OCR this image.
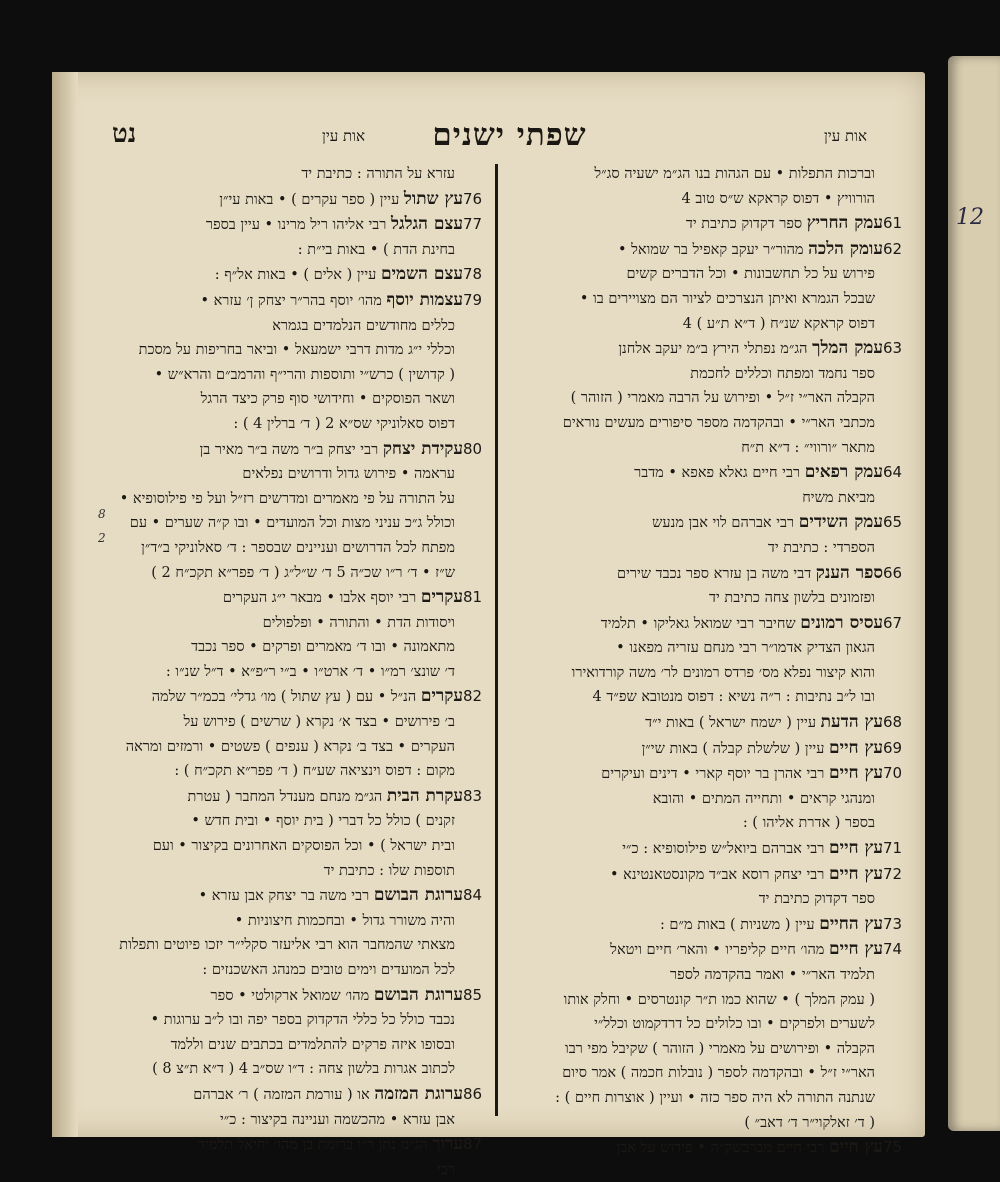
12
נט	אות עין שפתי ישנים	אות עין
וברכות התפלות • עם הגהות בנו הג״מ ישעיה סג״ל
הורוויץ • דפוס קראקא ש״ס טוב 4
61עמק החריץ ספר דקדוק כתיבת יד
62עומק הלכה מהור״ר יעקב קאפיל בר שמואל •
פירוש על כל תחשבונות • וכל הדברים קשים
שבכל הגמרא ואיתן הנצרכים לציור הם מצויירים בו •
דפוס קראקא שנ״ח ( ד״א ת״ע ) 4
63עמק המלך הג״מ נפתלי הירץ ב״מ יעקב אלחנן
ספר נחמד ומפתח וכללים לחכמת
הקבלה האר״י ז״ל • ופירוש על הרבה מאמרי ( הזוהר )
מכתבי האר״י • ובהקדמה מספר סיפורים מעשים נוראים
מתאר ״ורווי״ : ד״א ת״ח
64עמק רפאים רבי חיים גאלא פאפא • מדבר
מביאת משיח
65עמק השידים רבי אברהם לוי אבן מנעש
הספרדי : כתיבת יד
66ספר הענק דבי משה בן עזרא ספר נכבד שירים
ופזמונים בלשון צחה כתיבת יד
67עסיס רמונים שחיבר רבי שמואל גאליקו • תלמיד
הגאון הצדיק אדמו״ר רבי מנחם עזריה מפאנו •
והוא קיצור נפלא מס׳ פרדס רמונים לר׳ משה קורדואירו
ובו ל״ב נתיבות : ר״ה נשיא : דפוס מנטובא שפ״ד 4
68עץ הדעת עיין ( ישמח ישראל ) באות י״ד
69עץ חיים עיין ( שלשלת קבלה ) באות שי״ן
70עץ חיים רבי אהרן בר יוסף קארי • דינים ועיקרים
ומנהגי קראים • ותחייה המתים • והובא
בספר ( אדרת אליהו ) :
71עץ חיים רבי אברהם ביואל״ש פילוסופיא : כ״י
72עץ חיים רבי יצחק רוסא אב״ד מקונסטאנטינא •
ספר דקדוק כתיבת יד
73עץ החיים עיין ( משניות ) באות מ״ם :
74עץ חיים מהו׳ חיים קליפריו • והאר׳ חיים ויטאל
תלמיד האר״י • ואמר בהקדמה לספר
( עמק המלך ) • שהוא כמו ת״ר קונטרסים • וחלק אותו
לשערים ולפרקים • ובו כלולים כל דרדקמוט וכלל״י
הקבלה • ופירושים על מאמרי ( הזוהר ) שקיבל מפי רבו
האר״י ז״ל • ובהקדמה לספר ( נובלות חכמה ) אמר סיום
שנתנה התורה לא היה ספר כזה • ועיין ( אוצרות חיים ) :
( ד׳ זאלקוי״ר ד׳ דאב״ )
75עץ חיים רבי חיים מברבשק״ה • פירוש על אבן
עזרא על התורה : כתיבת יד
76עץ שתול עיין ( ספר עקרים ) • באות עי״ן
77עצם הגלגל רבי אליהו ריל מרינו • עיין בספר
בחינת הדת ) • באות בי״ת :
78עצם השמים עיין ( אלים ) • באות אל״ף :
79עצמות יוסף מהו׳ יוסף בהר״ר יצחק ן׳ עזרא •
כללים מחודשים הנלמדים בגמרא
וכללי י״ג מדות דרבי ישמעאל • וביאר בחריפות על מסכת
( קדושין ) כרש״י ותוספות והרי״ף והרמב״ם והרא״ש •
ושאר הפוסקים • וחידושי סוף פרק כיצד הרגל
דפוס סאלוניקי שס״א 2 ( ד׳ ברלין 4 ) :
80עקידת יצחק רבי יצחק ב״ר משה ב״ר מאיר בן
עראמה • פירוש גדול ודרושים נפלאים
על התורה על פי מאמרים ומדרשים רז״ל ועל פי פילוסופיא •
וכולל ג״כ עניני מצות וכל המועדים • ובו ק״ה שערים • עם
מפתח לכל הדרושים ועניינים שבספר : ד׳ סאלוניקי ב״ד״ן
ש״ז • ד׳ ר״ו שכ״ה 5 ד׳ ש״ל״ג ( ד׳ פפר״א תקכ״ח 2 )
81עקרים רבי יוסף אלבו • מבאר י״ג העקרים
ויסודות הדת • והתורה • ופלפולים
מתאמונה • ובו ד׳ מאמרים ופרקים • ספר נכבד
ד׳ שונצ׳ רמ״ו • ד׳ ארט״ו • ב״י ר״פ״א • ד״ל שנ״ו :
82עקרים הנ״ל • עם ( עץ שתול ) מו׳ גדלי׳ בכמ״ר שלמה
ב׳ פירושים • בצד א׳ נקרא ( שרשים ) פירוש על
העקרים • בצד ב׳ נקרא ( ענפים ) פשטים • ורמזים ומראה
מקום : דפוס וינציאה שע״ח ( ד׳ פפר״א תקכ״ח ) :
83עקרת הבית הג״מ מנחם מענדל המחבר ( עטרת
זקנים ) כולל כל דברי ( בית יוסף • ובית חדש •
ובית ישראל ) • וכל הפוסקים האחרונים בקיצור • ועם
תוספות שלו : כתיבת יד
84ערוגת הבושם רבי משה בר יצחק אבן עזרא •
והיה משורר גדול • ובחכמות חיצוניות •
מצאתי שהמחבר הוא רבי אליעזר סקלי״ר יזכו פיוטים ותפלות
לכל המועדים וימים טובים כמנהג האשכנזים :
85ערוגת הבושם מהו׳ שמואל ארקולטי • ספר
נכבד כולל כל כללי הדקדוק בספר יפה ובו ל״ב ערוגות •
ובסופו איזה פרקים להתלמדים בכתבים שנים וללמד
לכתוב אגרות בלשון צחה : ד״ו שס״ב 4 ( ד״א ת״צ 8 )
86ערוגת המזמה או ( עורמת המזמה ) ר׳ אברהם
אבן עזרא • מהכשמה ועניינה בקיצור : כ״י
87ערוך הג״מ נתן ר״ו ברומת בן מהו׳ יחיאל תלמיד
רבי
8
2
